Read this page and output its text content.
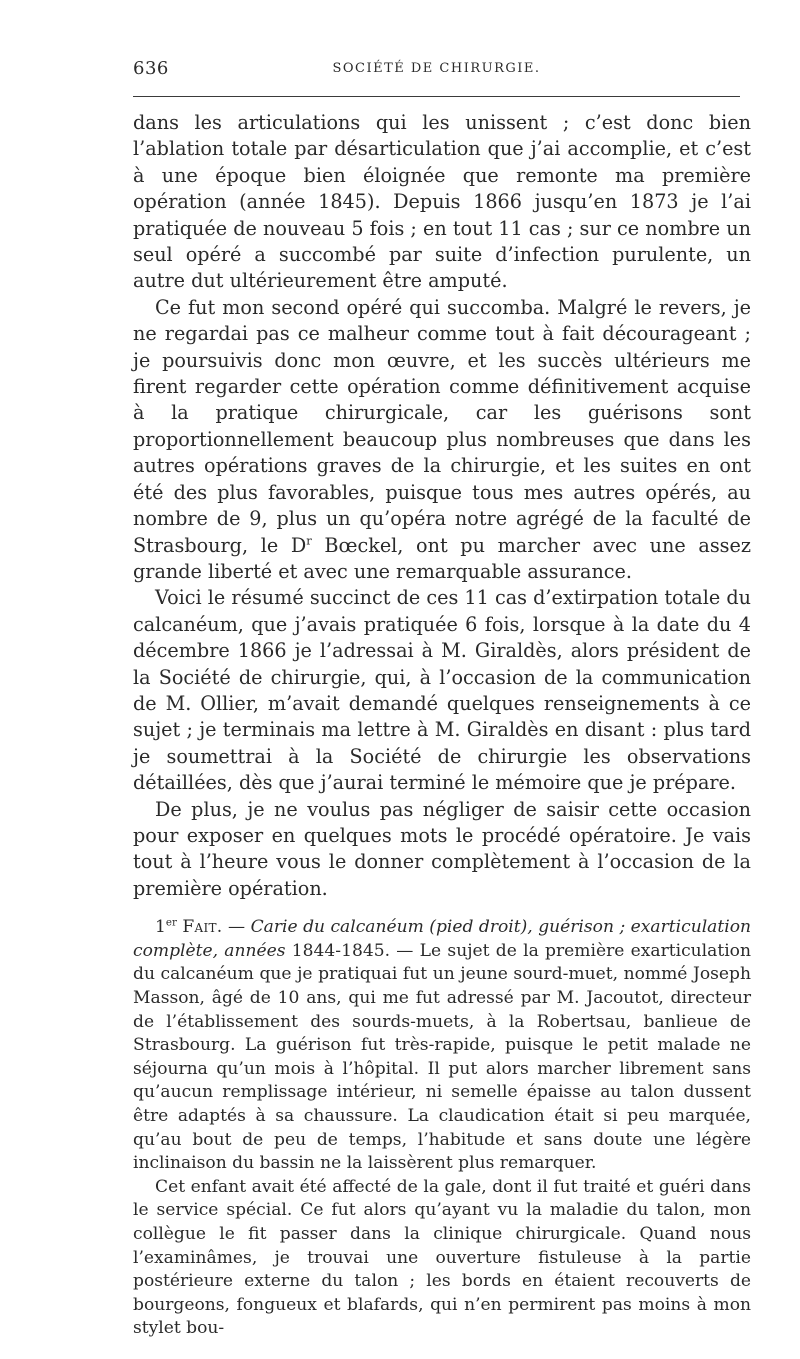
636	SOCIÉTÉ DE CHIRURGIE.

dans les articulations qui les unissent ; c’est donc bien l’ablation totale par désarticulation que j’ai accomplie, et c’est à une époque bien éloignée que remonte ma première opération (année 1845). Depuis 1866 jusqu’en 1873 je l’ai pratiquée de nouveau 5 fois ; en tout 11 cas ; sur ce nombre un seul opéré a succombé par suite d’infection purulente, un autre dut ultérieurement être amputé.

Ce fut mon second opéré qui succomba. Malgré le revers, je ne regardai pas ce malheur comme tout à fait décourageant ; je poursuivis donc mon œuvre, et les succès ultérieurs me firent regarder cette opération comme définitivement acquise à la pratique chirurgicale, car les guérisons sont proportionnellement beaucoup plus nombreuses que dans les autres opérations graves de la chirurgie, et les suites en ont été des plus favorables, puisque tous mes autres opérés, au nombre de 9, plus un qu’opéra notre agrégé de la faculté de Strasbourg, le $D^r$ Bœckel, ont pu marcher avec une assez grande liberté et avec une remarquable assurance.

Voici le résumé succinct de ces 11 cas d’extirpation totale du calcanéum, que j’avais pratiquée 6 fois, lorsque à la date du 4 décembre 1866 je l’adressai à M. Giraldès, alors président de la Société de chirurgie, qui, à l’occasion de la communication de M. Ollier, m’avait demandé quelques renseignements à ce sujet ; je terminais ma lettre à M. Giraldès en disant : plus tard je soumettrai à la Société de chirurgie les observations détaillées, dès que j’aurai terminé le mémoire que je prépare.

De plus, je ne voulus pas négliger de saisir cette occasion pour exposer en quelques mots le procédé opératoire. Je vais tout à l’heure vous le donner complètement à l’occasion de la première opération.

1er Fait. — Carie du calcanéum (pied droit), guérison ; exarticulation complète, années 1844-1845. — Le sujet de la première exarticulation du calcanéum que je pratiquai fut un jeune sourd-muet, nommé Joseph Masson, âgé de 10 ans, qui me fut adressé par M. Jacoutot, directeur de l’établissement des sourds-muets, à la Robertsau, banlieue de Strasbourg. La guérison fut très-rapide, puisque le petit malade ne séjourna qu’un mois à l’hôpital. Il put alors marcher librement sans qu’aucun remplissage intérieur, ni semelle épaisse au talon dussent être adaptés à sa chaussure. La claudication était si peu marquée, qu’au bout de peu de temps, l’habitude et sans doute une légère inclinaison du bassin ne la laissèrent plus remarquer.

Cet enfant avait été affecté de la gale, dont il fut traité et guéri dans le service spécial. Ce fut alors qu’ayant vu la maladie du talon, mon collègue le fit passer dans la clinique chirurgicale. Quand nous l’examinâmes, je trouvai une ouverture fistuleuse à la partie postérieure externe du talon ; les bords en étaient recouverts de bourgeons, fongueux et blafards, qui n’en permirent pas moins à mon stylet bou-
